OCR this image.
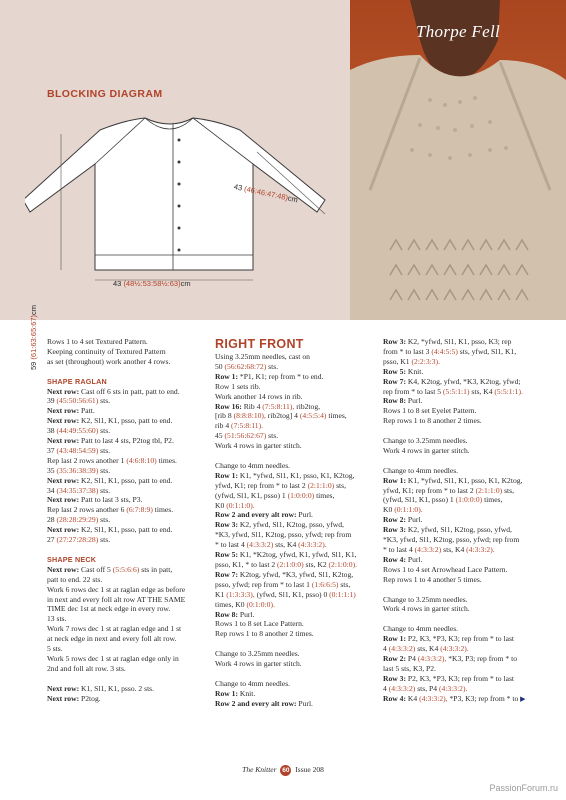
Thorpe Fell
BLOCKING DIAGRAM
59 (61:63:65:67)cm
43 (48½:53:58½:63)cm
43 (46:46:47:48)cm

Rows 1 to 4 set Textured Pattern.

Keeping continuity of Textured Pattern

as set (throughout) work another 4 rows.

SHAPE RAGLAN

Next row: Cast off 6 sts in patt, patt to end.

39 (45:50:56:61) sts.

Next row: Patt.

Next row: K2, Sl1, K1, psso, patt to end.

38 (44:49:55:60) sts.

Next row: Patt to last 4 sts, P2tog tbl, P2.

37 (43:48:54:59) sts.

Rep last 2 rows another 1 (4:6:8:10) times.

35 (35:36:38:39) sts.

Next row: K2, Sl1, K1, psso, patt to end.

34 (34:35:37:38) sts.

Next row: Patt to last 3 sts, P3.

Rep last 2 rows another 6 (6:7:8:9) times.

28 (28:28:29:29) sts.

Next row: K2, Sl1, K1, psso, patt to end.

27 (27:27:28:28) sts.

SHAPE NECK

Next row: Cast off 5 (5:5:6:6) sts in patt,

patt to end. 22 sts.

Work 6 rows dec 1 st at raglan edge as before

in next and every foll alt row AT THE SAME

TIME dec 1st at neck edge in every row.

13 sts.

Work 7 rows dec 1 st at raglan edge and 1 st

at neck edge in next and every foll alt row.

5 sts.

Work 5 rows dec 1 st at raglan edge only in

2nd and foll alt row. 3 sts.

Next row: K1, Sl1, K1, psso. 2 sts.

Next row: P2tog.

RIGHT FRONT

Using 3.25mm needles, cast on

50 (56:62:68:72) sts.

Row 1: *P1, K1; rep from * to end.

Row 1 sets rib.

Work another 14 rows in rib.

Row 16: Rib 4 (7:5:8:11), rib2tog,

[rib 8 (8:8:8:10), rib2tog] 4 (4:5:5:4) times,

rib 4 (7:5:8:11).

45 (51:56:62:67) sts.

Work 4 rows in garter stitch.

Change to 4mm needles.

Row 1: K1, *yfwd, Sl1, K1, psso, K1, K2tog,

yfwd, K1; rep from * to last 2 (2:1:1:0) sts,

(yfwd, Sl1, K1, psso) 1 (1:0:0:0) times,

K0 (0:1:1:0).

Row 2 and every alt row: Purl.

Row 3: K2, yfwd, Sl1, K2tog, psso, yfwd,

*K3, yfwd, Sl1, K2tog, psso, yfwd; rep from

* to last 4 (4:3:3:2) sts, K4 (4:3:3:2).

Row 5: K1, *K2tog, yfwd, K1, yfwd, Sl1, K1,

psso, K1, * to last 2 (2:1:0:0) sts, K2 (2:1:0:0).

Row 7: K2tog, yfwd, *K3, yfwd, Sl1, K2tog,

psso, yfwd; rep from * to last 1 (1:6:6:5) sts,

K1 (1:3:3:3), (yfwd, Sl1, K1, psso) 0 (0:1:1:1)

times, K0 (0:1:0:0).

Row 8: Purl.

Rows 1 to 8 set Lace Pattern.

Rep rows 1 to 8 another 2 times.

Change to 3.25mm needles.

Work 4 rows in garter stitch.

Change to 4mm needles.

Row 1: Knit.

Row 2 and every alt row: Purl.

Row 3: K2, *yfwd, Sl1, K1, psso, K3; rep

from * to last 3 (4:4:5:5) sts, yfwd, Sl1, K1,

psso, K1 (2:2:3:3).

Row 5: Knit.

Row 7: K4, K2tog, yfwd, *K3, K2tog, yfwd;

rep from * to last 5 (5:5:1:1) sts, K4 (5:5:1:1).

Row 8: Purl.

Rows 1 to 8 set Eyelet Pattern.

Rep rows 1 to 8 another 2 times.

Change to 3.25mm needles.

Work 4 rows in garter stitch.

Change to 4mm needles.

Row 1: K1, *yfwd, Sl1, K1, psso, K1, K2tog,

yfwd, K1; rep from * to last 2 (2:1:1:0) sts,

(yfwd, Sl1, K1, psso) 1 (1:0:0:0) times,

K0 (0:1:1:0).

Row 2: Purl.

Row 3: K2, yfwd, Sl1, K2tog, psso, yfwd,

*K3, yfwd, Sl1, K2tog, psso, yfwd; rep from

* to last 4 (4:3:3:2) sts, K4 (4:3:3:2).

Row 4: Purl.

Rows 1 to 4 set Arrowhead Lace Pattern.

Rep rows 1 to 4 another 5 times.

Change to 3.25mm needles.

Work 4 rows in garter stitch.

Change to 4mm needles.

Row 1: P2, K3, *P3, K3; rep from * to last

4 (4:3:3:2) sts, K4 (4:3:3:2).

Row 2: P4 (4:3:3:2), *K3, P3; rep from * to

last 5 sts, K3, P2.

Row 3: P2, K3, *P3, K3; rep from * to last

4 (4:3:3:2) sts, P4 (4:3:3:2).

Row 4: K4 (4:3:3:2), *P3, K3; rep from * to ▶

The Knitter 60 Issue 208
PassionForum.ru
